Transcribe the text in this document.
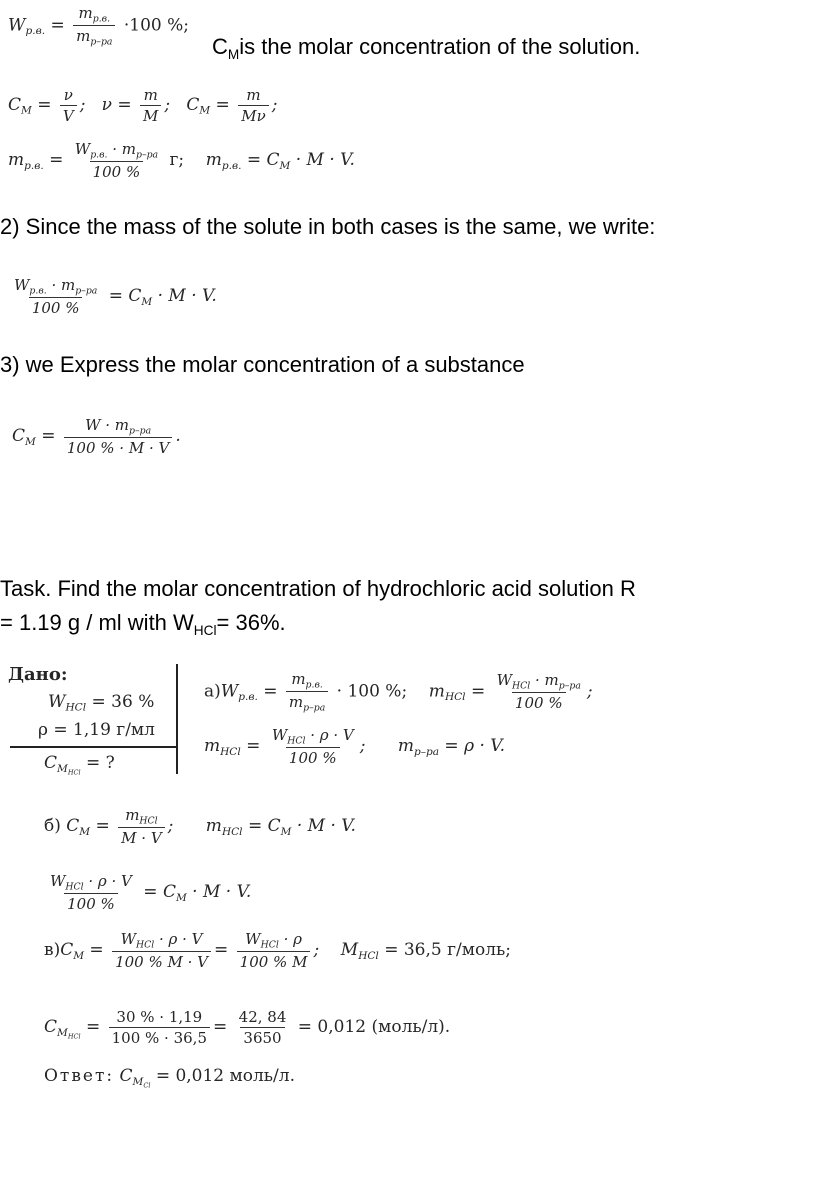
$W_{р.в.} = \frac{m_{р.в.}}{m_{р-ра}} \cdot 100$ %;
$C_Mis$ the molar concentration of the solution.
$C_M = \frac{\nu}{V}$ ;   $\nu = \frac{m}{M}$ ;   $C_M = \frac{m}{M\nu}$ ;
$m_{р.в.} = \frac{W_{р.в.} \cdot m_{р-ра}}{100 \%} г$;    $m_{р.в.} = C_M \cdot M \cdot V$.
2) Since the mass of the solute in both cases is the same, we write:
$\frac{W_{р.в.} \cdot m_{р-ра}}{100 \%} = C_M \cdot M \cdot V$.
3) we Express the molar concentration of a substance
$C_M = \frac{W \cdot m_{р-ра}}{100 \% \cdot M \cdot V}$ .
Task. Find the molar concentration of hydrochloric acid solution R
= 1.19 g / ml with $W_{HCl}= 36\%$.
Дано:
$W_{HCl} = 36$ %
ρ = 1,19 г/мл
$C_{M_{HCl}}$ = ?
$а)W_{р.в.} = \frac{m_{р.в.}}{m_{р-ра}} \cdot 100$ %;    $m_{HCl} = \frac{W_{HCl} \cdot m_{р-ра}}{100 \%}$ ;
$m_{HCl} = \frac{W_{HCl} \cdot \rho \cdot V}{100 \%}$ ;      $m_{р-ра} = \rho \cdot V$.
б) $C_M = \frac{m_{HCl}}{M \cdot V}$ ;      $m_{HCl} = C_M \cdot M \cdot V$.
$\frac{W_{HCl} \cdot \rho \cdot V}{100 \%} = C_M \cdot M \cdot V$.
$в)C_M = \frac{W_{HCl} \cdot \rho \cdot V}{100 \% M \cdot V} = \frac{W_{HCl} \cdot \rho}{100 \% M}$ ;    $M_{HCl} = 36,5$ г/моль;
$C_{M_{HCl}} = \frac{30 \% \cdot 1,19}{100 \% \cdot 36,5} = \frac{42, 84}{3650} = 0,012$ (моль/л).
Ответ: $C_{M_{Cl}} = 0,012$ моль/л.
